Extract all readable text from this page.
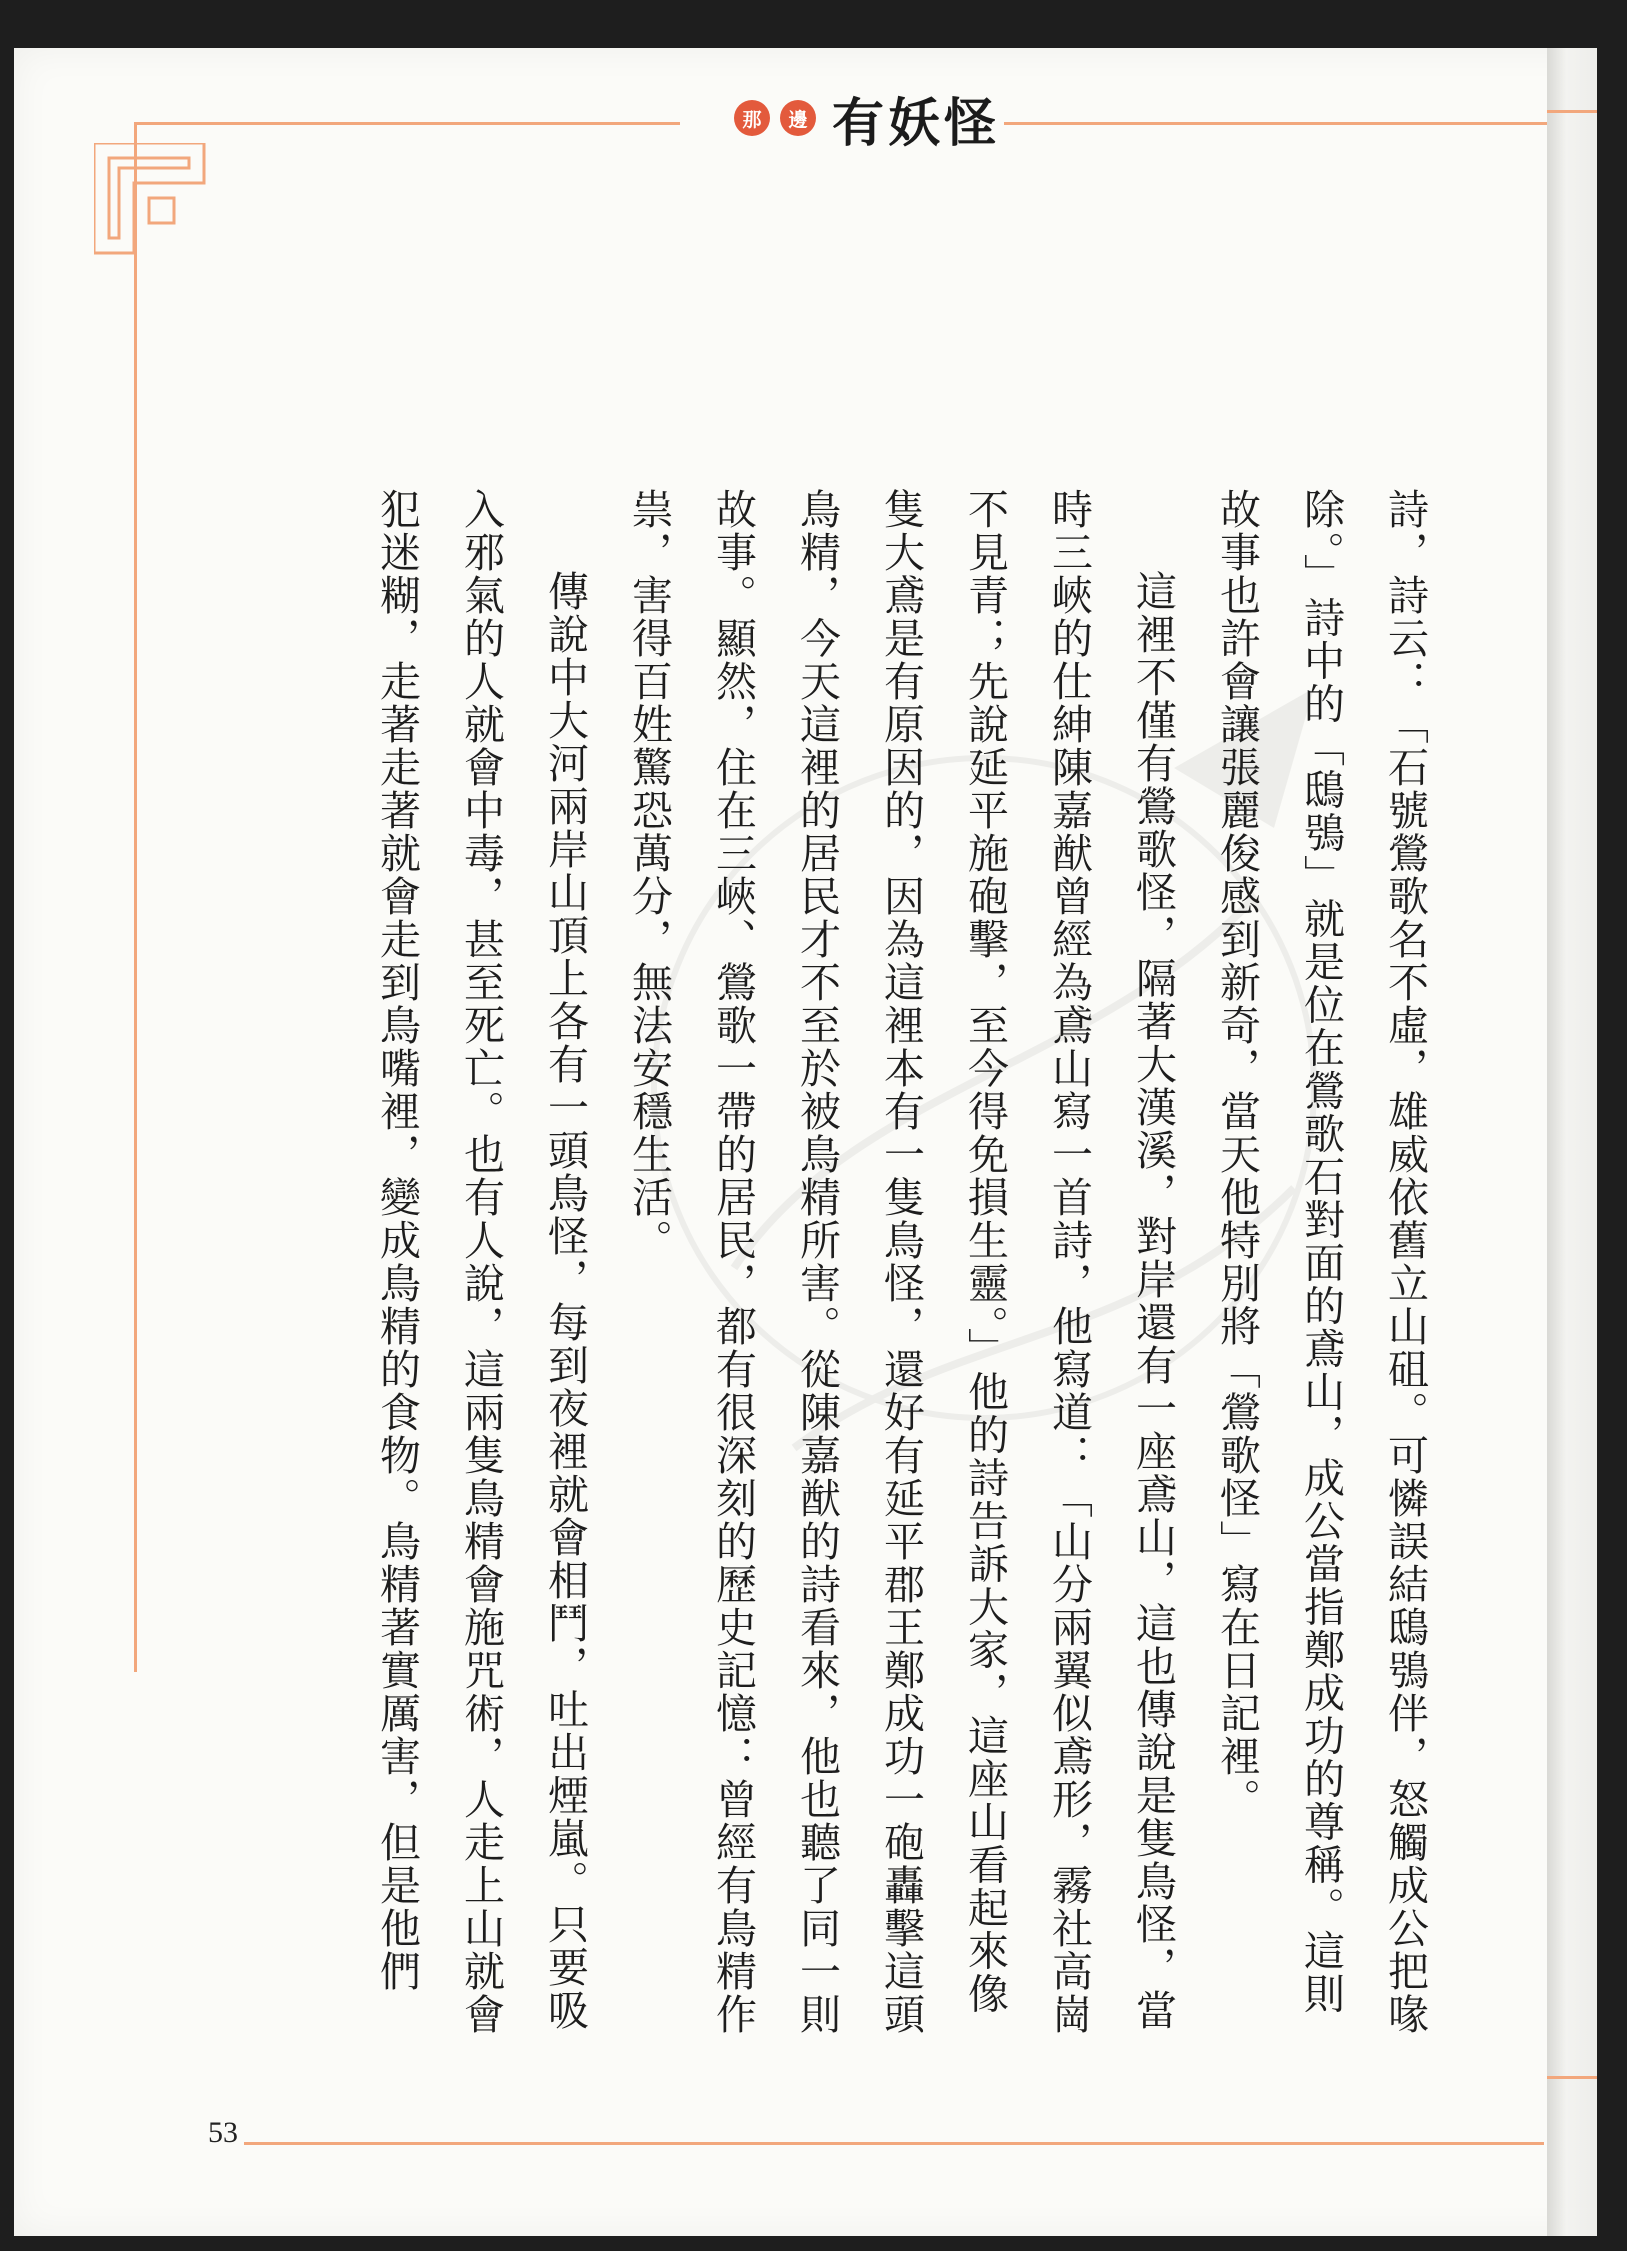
那	邊 有妖怪

詩，詩云：「石號鶯歌名不虛，雄威依舊立山砠。可憐誤結鴟鴞伴，怒觸成公把喙除。」詩中的「鴟鴞」就是位在鶯歌石對面的鳶山，成公當指鄭成功的尊稱。這則故事也許會讓張麗俊感到新奇，當天他特別將「鶯歌怪」寫在日記裡。

這裡不僅有鶯歌怪，隔著大漢溪，對岸還有一座鳶山，這也傳說是隻鳥怪，當時三峽的仕紳陳嘉猷曾經為鳶山寫一首詩，他寫道：「山分兩翼似鳶形，霧社高崗不見青；先說延平施砲擊，至今得免損生靈。」他的詩告訴大家，這座山看起來像隻大鳶是有原因的，因為這裡本有一隻鳥怪，還好有延平郡王鄭成功一砲轟擊這頭鳥精，今天這裡的居民才不至於被鳥精所害。從陳嘉猷的詩看來，他也聽了同一則故事。顯然，住在三峽、鶯歌一帶的居民，都有很深刻的歷史記憶：曾經有鳥精作祟，害得百姓驚恐萬分，無法安穩生活。

傳說中大河兩岸山頂上各有一頭鳥怪，每到夜裡就會相鬥，吐出煙嵐。只要吸入邪氣的人就會中毒，甚至死亡。也有人說，這兩隻鳥精會施咒術，人走上山就會犯迷糊，走著走著就會走到鳥嘴裡，變成鳥精的食物。鳥精著實厲害，但是他們

53
